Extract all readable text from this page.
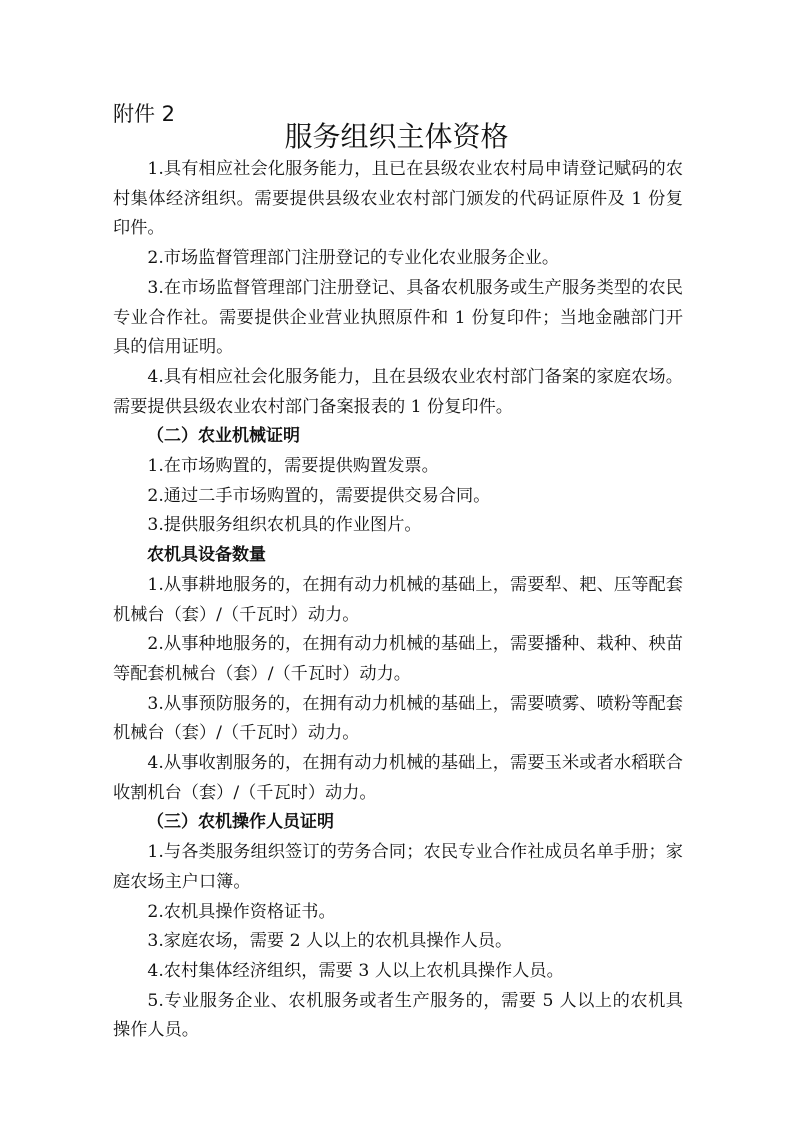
附件 2
服务组织主体资格

1.具有相应社会化服务能力，且已在县级农业农村局申请登记赋码的农村集体经济组织。需要提供县级农业农村部门颁发的代码证原件及 1 份复印件。

2.市场监督管理部门注册登记的专业化农业服务企业。

3.在市场监督管理部门注册登记、具备农机服务或生产服务类型的农民专业合作社。需要提供企业营业执照原件和 1 份复印件；当地金融部门开具的信用证明。

4.具有相应社会化服务能力，且在县级农业农村部门备案的家庭农场。需要提供县级农业农村部门备案报表的 1 份复印件。

（二）农业机械证明

1.在市场购置的，需要提供购置发票。

2.通过二手市场购置的，需要提供交易合同。

3.提供服务组织农机具的作业图片。

农机具设备数量

1.从事耕地服务的，在拥有动力机械的基础上，需要犁、耙、压等配套机械台（套）/（千瓦时）动力。

2.从事种地服务的，在拥有动力机械的基础上，需要播种、栽种、秧苗等配套机械台（套）/（千瓦时）动力。

3.从事预防服务的，在拥有动力机械的基础上，需要喷雾、喷粉等配套机械台（套）/（千瓦时）动力。

4.从事收割服务的，在拥有动力机械的基础上，需要玉米或者水稻联合收割机台（套）/（千瓦时）动力。

（三）农机操作人员证明

1.与各类服务组织签订的劳务合同；农民专业合作社成员名单手册；家庭农场主户口簿。

2.农机具操作资格证书。

3.家庭农场，需要 2 人以上的农机具操作人员。

4.农村集体经济组织，需要 3 人以上农机具操作人员。

5.专业服务企业、农机服务或者生产服务的，需要 5 人以上的农机具操作人员。
